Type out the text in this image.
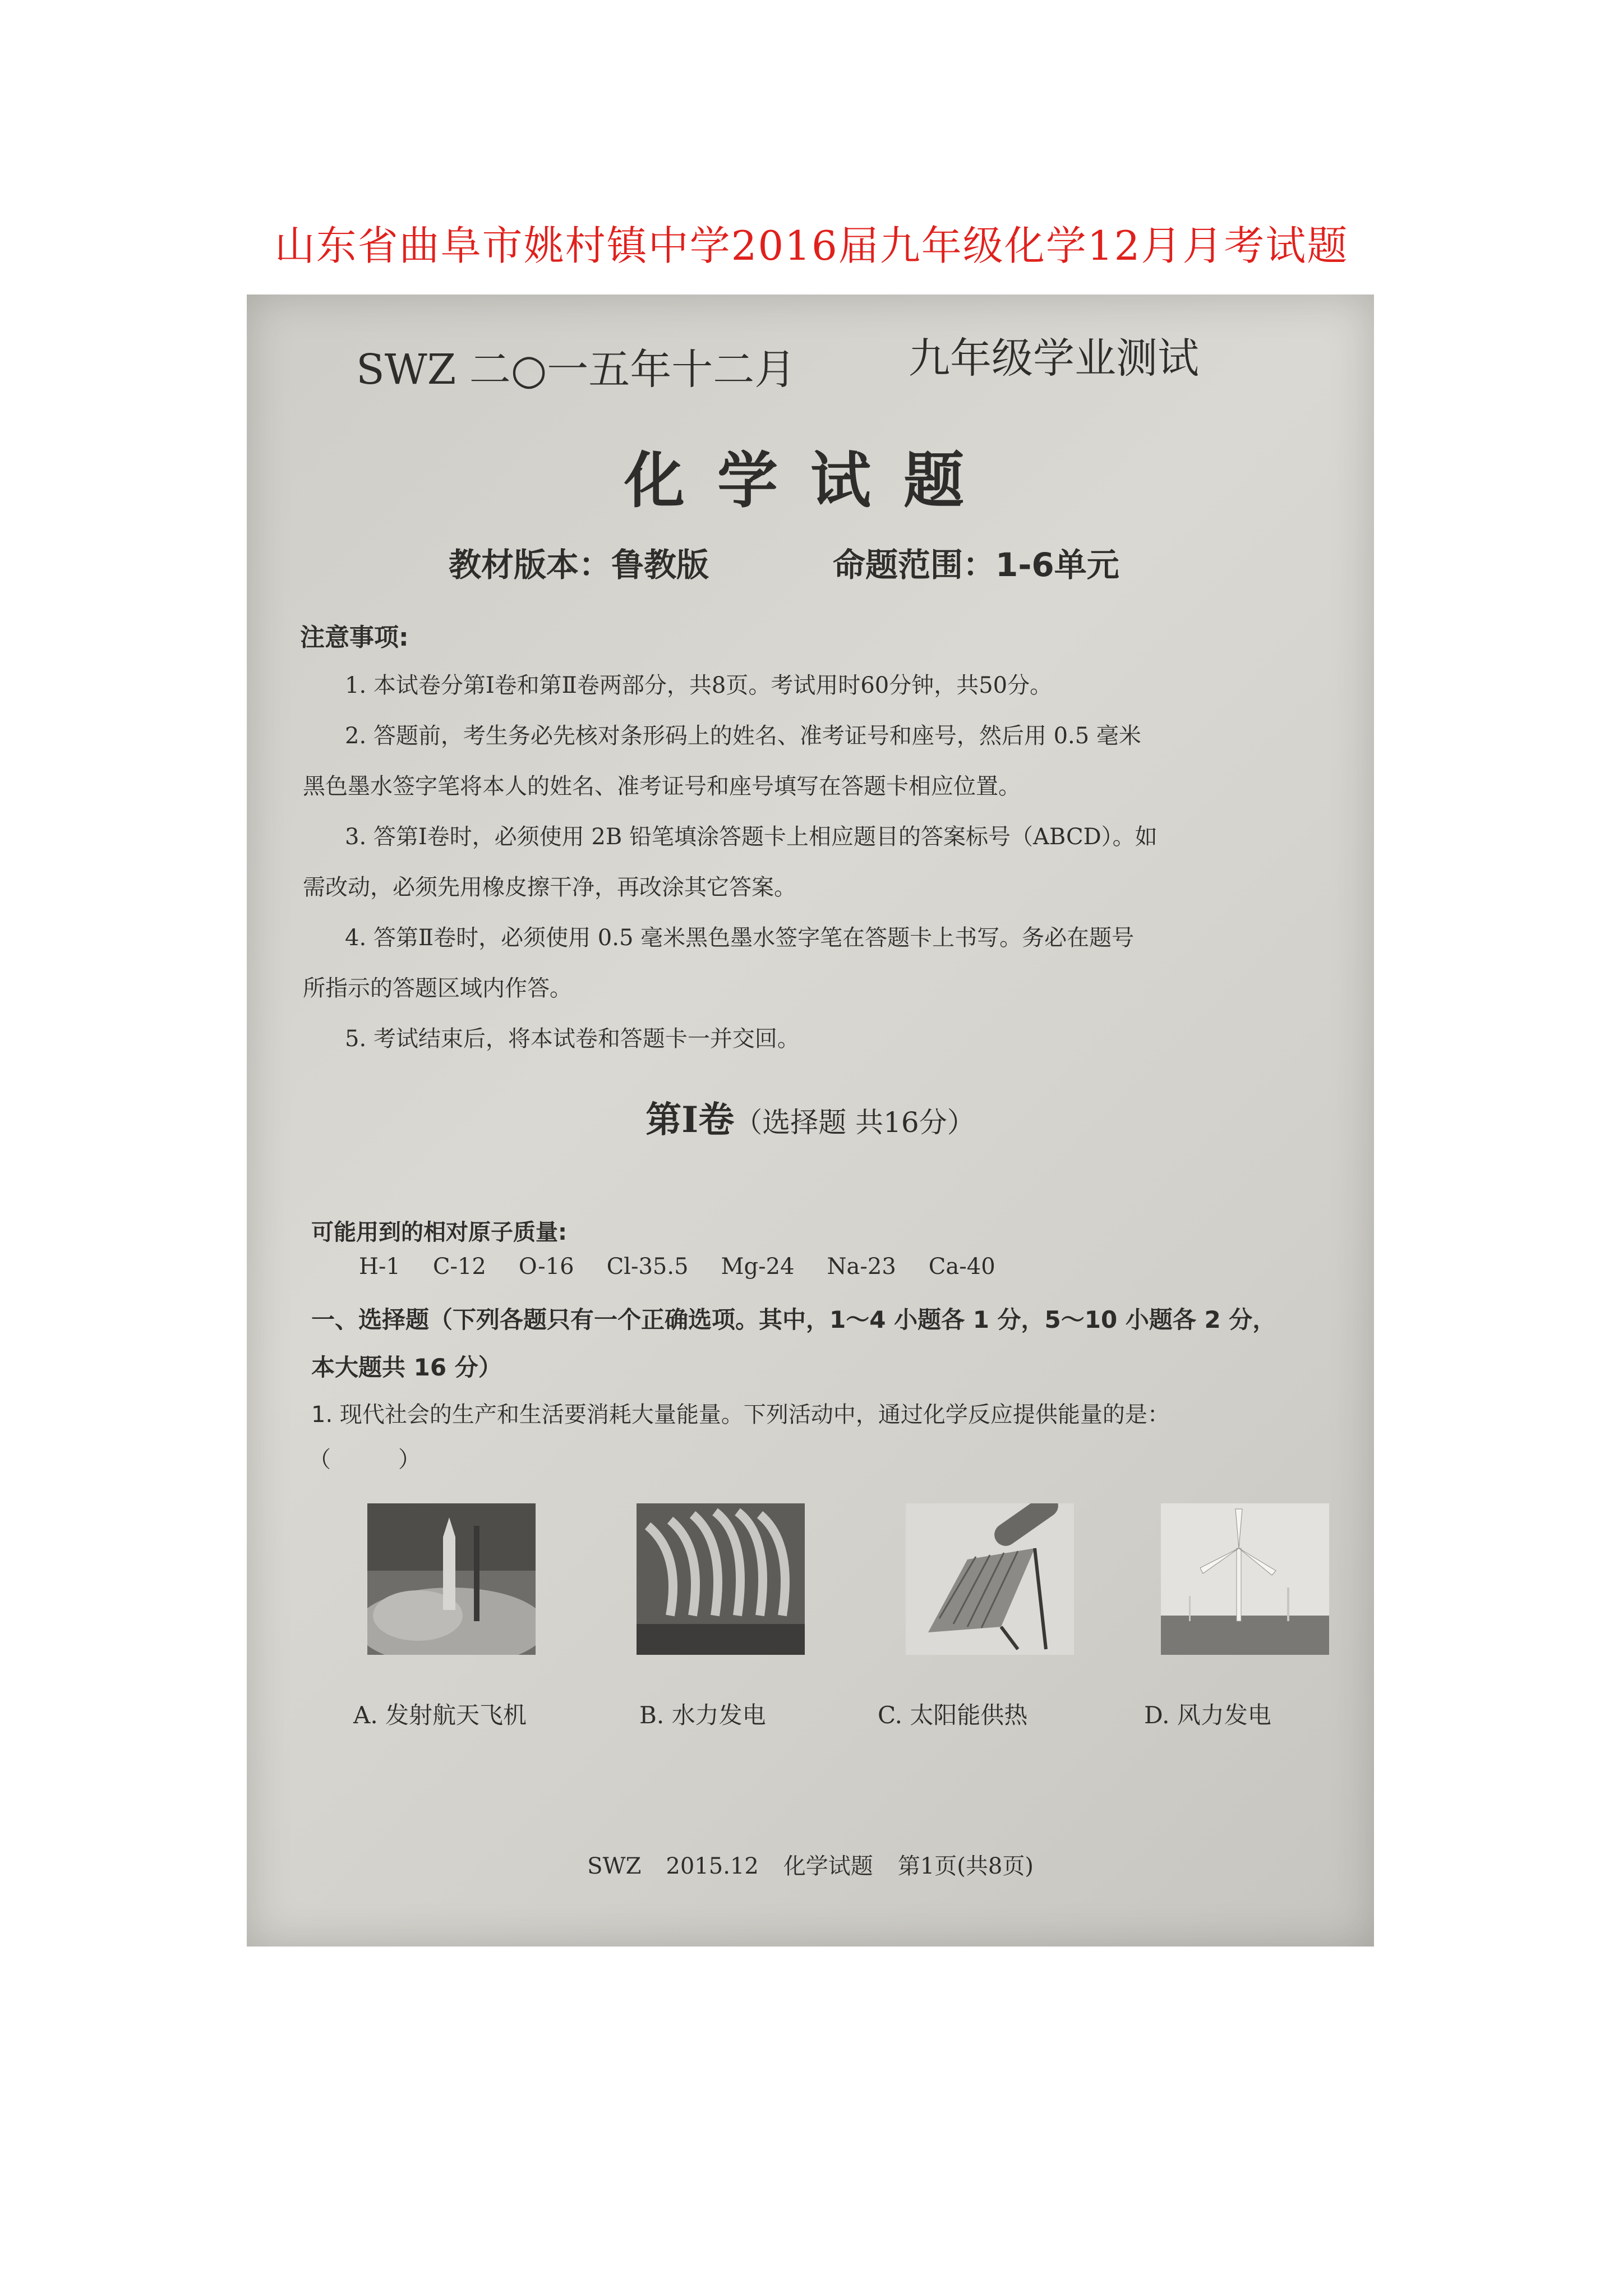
山东省曲阜市姚村镇中学2016届九年级化学12月月考试题
SWZ 二○一五年十二月	九年级学业测试
化学试题
教材版本：鲁教版	命题范围：1-6单元
注意事项:
1. 本试卷分第Ⅰ卷和第Ⅱ卷两部分，共8页。考试用时60分钟，共50分。
2. 答题前，考生务必先核对条形码上的姓名、准考证号和座号，然后用 0.5 毫米
黑色墨水签字笔将本人的姓名、准考证号和座号填写在答题卡相应位置。
3. 答第Ⅰ卷时，必须使用 2B 铅笔填涂答题卡上相应题目的答案标号（ABCD）。如
需改动，必须先用橡皮擦干净，再改涂其它答案。
4. 答第Ⅱ卷时，必须使用 0.5 毫米黑色墨水签字笔在答题卡上书写。务必在题号
所指示的答题区域内作答。
5. 考试结束后，将本试卷和答题卡一并交回。
第Ⅰ卷（选择题 共16分）
可能用到的相对原子质量:
H-1 C-12 O-16 Cl-35.5 Mg-24 Na-23 Ca-40
一、选择题（下列各题只有一个正确选项。其中，1～4 小题各 1 分，5～10 小题各 2 分，
本大题共 16 分）
1. 现代社会的生产和生活要消耗大量能量。下列活动中，通过化学反应提供能量的是：
（　　　）
A. 发射航天飞机	B. 水力发电	C. 太阳能供热	D. 风力发电
SWZ 2015.12 化学试题 第1页(共8页)
